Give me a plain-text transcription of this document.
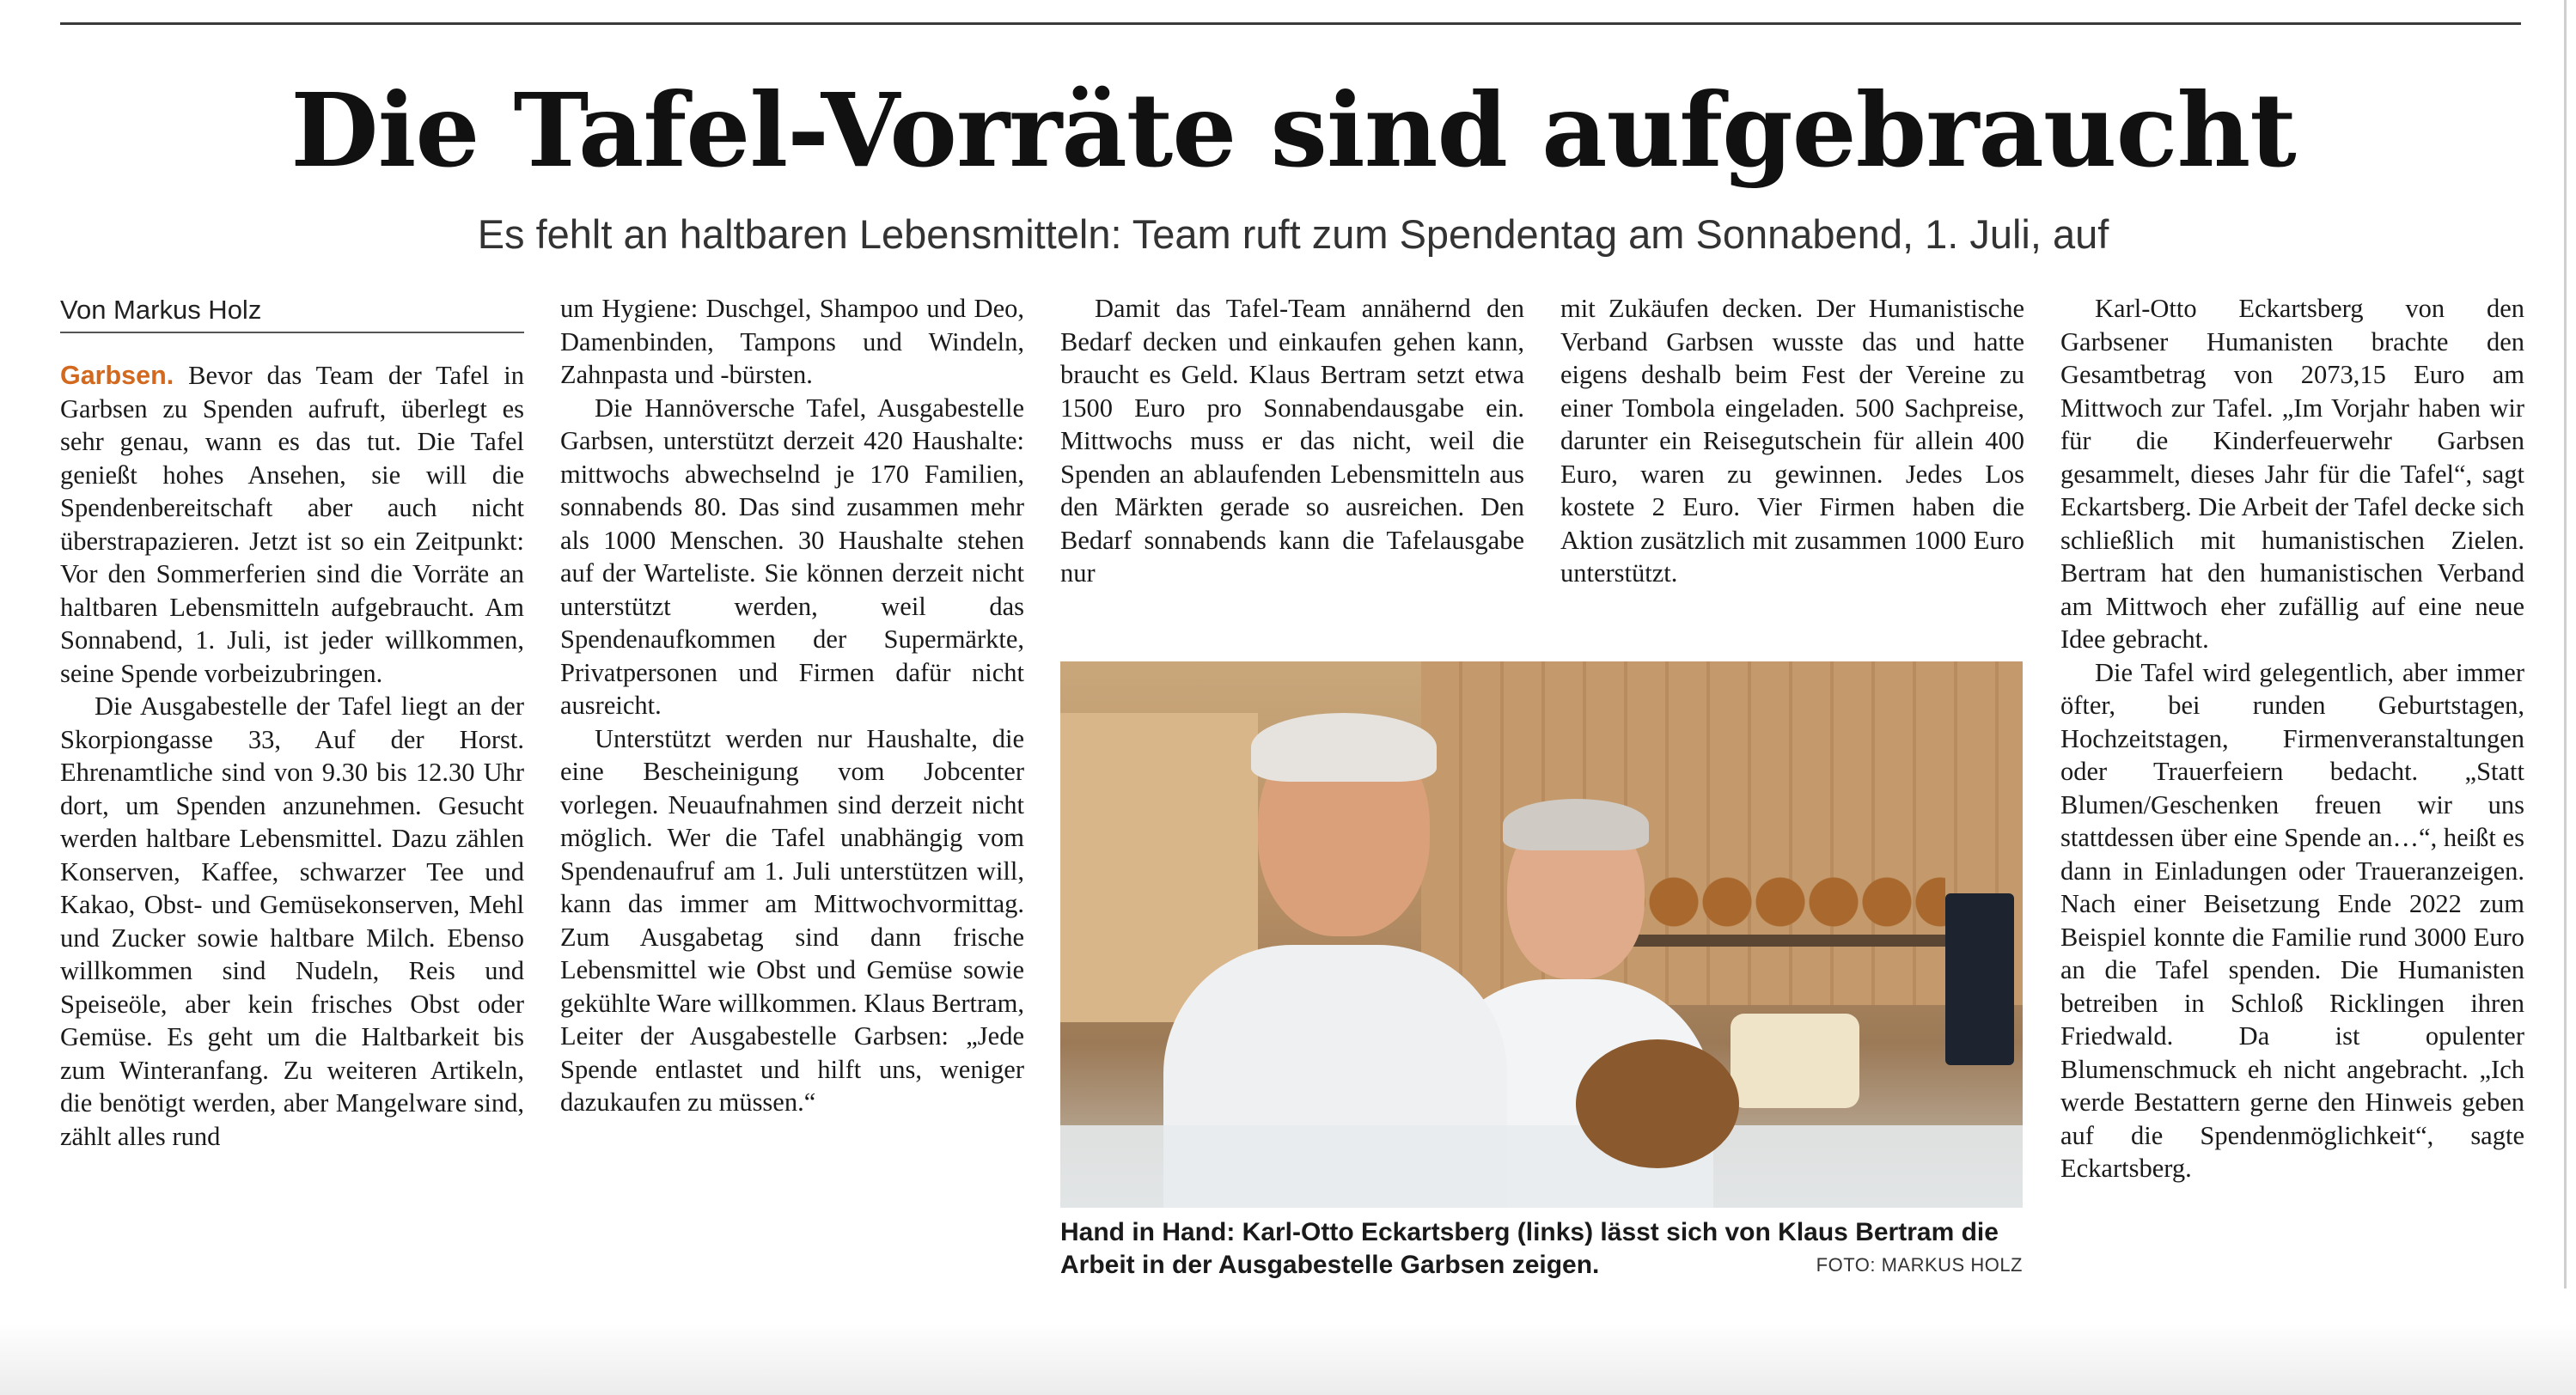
Die Tafel-Vorräte sind aufgebraucht
Es fehlt an haltbaren Lebensmitteln: Team ruft zum Spendentag am Sonnabend, 1. Juli, auf
Von Markus Holz

Garbsen. Bevor das Team der Tafel in Garbsen zu Spenden aufruft, überlegt es sehr genau, wann es das tut. Die Tafel genießt hohes Ansehen, sie will die Spendenbereitschaft aber auch nicht überstrapazieren. Jetzt ist so ein Zeitpunkt: Vor den Sommerferien sind die Vorräte an haltbaren Lebensmitteln aufgebraucht. Am Sonnabend, 1. Juli, ist jeder willkommen, seine Spende vorbeizubringen.

Die Ausgabestelle der Tafel liegt an der Skorpiongasse 33, Auf der Horst. Ehrenamtliche sind von 9.30 bis 12.30 Uhr dort, um Spenden anzunehmen. Gesucht werden haltbare Lebensmittel. Dazu zählen Konserven, Kaffee, schwarzer Tee und Kakao, Obst- und Gemüsekonserven, Mehl und Zucker sowie haltbare Milch. Ebenso willkommen sind Nudeln, Reis und Speiseöle, aber kein frisches Obst oder Gemüse. Es geht um die Haltbarkeit bis zum Winteranfang. Zu weiteren Artikeln, die benötigt werden, aber Mangelware sind, zählt alles rund

um Hygiene: Duschgel, Shampoo und Deo, Damenbinden, Tampons und Windeln, Zahnpasta und -bürsten.

Die Hannöversche Tafel, Ausgabestelle Garbsen, unterstützt derzeit 420 Haushalte: mittwochs abwechselnd je 170 Familien, sonnabends 80. Das sind zusammen mehr als 1000 Menschen. 30 Haushalte stehen auf der Warteliste. Sie können derzeit nicht unterstützt werden, weil das Spendenaufkommen der Supermärkte, Privatpersonen und Firmen dafür nicht ausreicht.

Unterstützt werden nur Haushalte, die eine Bescheinigung vom Jobcenter vorlegen. Neuaufnahmen sind derzeit nicht möglich. Wer die Tafel unabhängig vom Spendenaufruf am 1. Juli unterstützen will, kann das immer am Mittwochvormittag. Zum Ausgabetag sind dann frische Lebensmittel wie Obst und Gemüse sowie gekühlte Ware willkommen. Klaus Bertram, Leiter der Ausgabestelle Garbsen: „Jede Spende entlastet und hilft uns, weniger dazukaufen zu müssen.“

Damit das Tafel-Team annähernd den Bedarf decken und einkaufen gehen kann, braucht es Geld. Klaus Bertram setzt etwa 1500 Euro pro Sonnabendausgabe ein. Mittwochs muss er das nicht, weil die Spenden an ablaufenden Lebensmitteln aus den Märkten gerade so ausreichen. Den Bedarf sonnabends kann die Tafelausgabe nur

mit Zukäufen decken. Der Humanistische Verband Garbsen wusste das und hatte eigens deshalb beim Fest der Vereine zu einer Tombola eingeladen. 500 Sachpreise, darunter ein Reisegutschein für allein 400 Euro, waren zu gewinnen. Jedes Los kostete 2 Euro. Vier Firmen haben die Aktion zusätzlich mit zusammen 1000 Euro unterstützt.

Karl-Otto Eckartsberg von den Garbsener Humanisten brachte den Gesamtbetrag von 2073,15 Euro am Mittwoch zur Tafel. „Im Vorjahr haben wir für die Kinderfeuerwehr Garbsen gesammelt, dieses Jahr für die Tafel“, sagt Eckartsberg. Die Arbeit der Tafel decke sich schließlich mit humanistischen Zielen. Bertram hat den humanistischen Verband am Mittwoch eher zufällig auf eine neue Idee gebracht.

Die Tafel wird gelegentlich, aber immer öfter, bei runden Geburtstagen, Hochzeitstagen, Firmenveranstaltungen oder Trauerfeiern bedacht. „Statt Blumen/Geschenken freuen wir uns stattdessen über eine Spende an…“, heißt es dann in Einladungen oder Traueranzeigen. Nach einer Beisetzung Ende 2022 zum Beispiel konnte die Familie rund 3000 Euro an die Tafel spenden. Die Humanisten betreiben in Schloß Ricklingen ihren Friedwald. Da ist opulenter Blumenschmuck eh nicht angebracht. „Ich werde Bestattern gerne den Hinweis geben auf die Spendenmöglichkeit“, sagte Eckartsberg.

Hand in Hand: Karl-Otto Eckartsberg (links) lässt sich von Klaus Bertram die Arbeit in der Ausgabestelle Garbsen zeigen.	FOTO: MARKUS HOLZ
